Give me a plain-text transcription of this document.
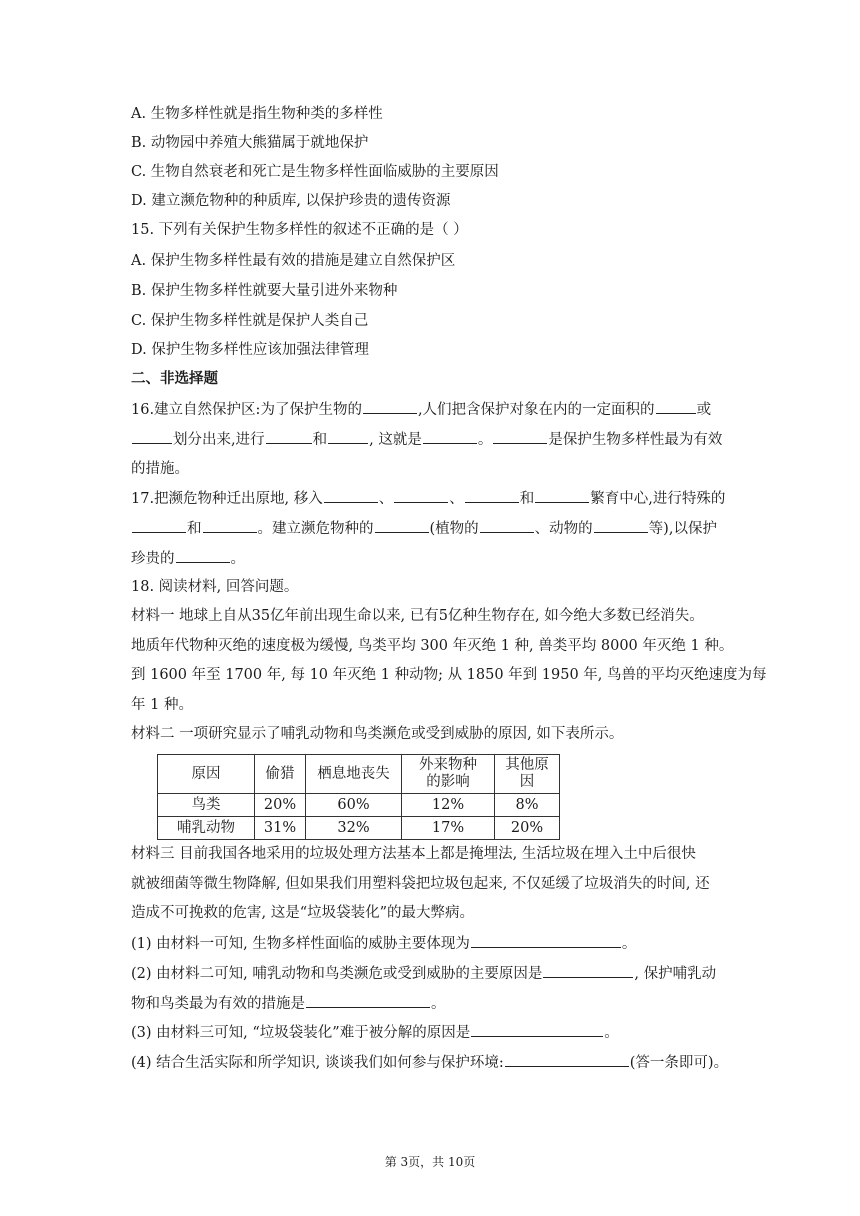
A. 生物多样性就是指生物种类的多样性
B. 动物园中养殖大熊猫属于就地保护
C. 生物自然衰老和死亡是生物多样性面临威胁的主要原因
D. 建立濒危物种的种质库, 以保护珍贵的遗传资源
15. 下列有关保护生物多样性的叙述不正确的是（ ）
A. 保护生物多样性最有效的措施是建立自然保护区
B. 保护生物多样性就要大量引进外来物种
C. 保护生物多样性就是保护人类自己
D. 保护生物多样性应该加强法律管理
二、非选择题
16.建立自然保护区:为了保护生物的	,人们把含保护对象在内的一定面积的	或
划分出来,进行	和	, 这就是	。	是保护生物多样性最为有效
的措施。
17.把濒危物种迁出原地, 移入	、	、	和	繁育中心,进行特殊的
和	。建立濒危物种的	(植物的	、动物的	等),以保护
珍贵的	。
18. 阅读材料, 回答问题。
材料一 地球上自从35亿年前出现生命以来, 已有5亿种生物存在, 如今绝大多数已经消失。
地质年代物种灭绝的速度极为缓慢, 鸟类平均 300 年灭绝 1 种, 兽类平均 8000 年灭绝 1 种。
到 1600 年至 1700 年, 每 10 年灭绝 1 种动物; 从 1850 年到 1950 年, 鸟兽的平均灭绝速度为每
年 1 种。
材料二 一项研究显示了哺乳动物和鸟类濒危或受到威胁的原因, 如下表所示。
原因	偷猎	栖息地丧失	外来物种
的影响	其他原因
鸟类	20%	60%	12%	8%
哺乳动物	31%	32%	17%	20%
材料三 目前我国各地采用的垃圾处理方法基本上都是掩埋法, 生活垃圾在埋入土中后很快
就被细菌等微生物降解, 但如果我们用塑料袋把垃圾包起来, 不仅延缓了垃圾消失的时间, 还
造成不可挽救的危害, 这是“垃圾袋装化”的最大弊病。
(1) 由材料一可知, 生物多样性面临的威胁主要体现为	。
(2) 由材料二可知, 哺乳动物和鸟类濒危或受到威胁的主要原因是	, 保护哺乳动
物和鸟类最为有效的措施是	。
(3) 由材料三可知, “垃圾袋装化”难于被分解的原因是	。
(4) 结合生活实际和所学知识, 谈谈我们如何参与保护环境:	(答一条即可)。
第 3页，共 10页
